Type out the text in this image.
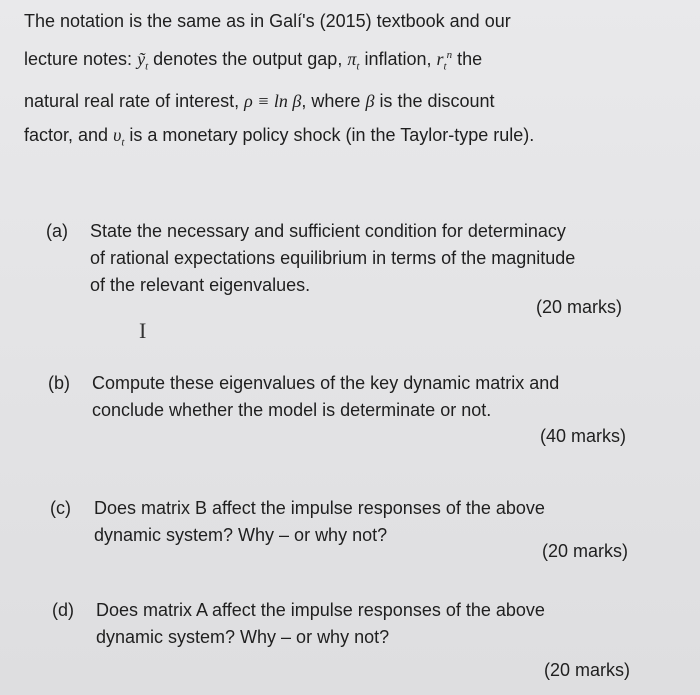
The notation is the same as in Galí's (2015) textbook and our
lecture notes: ỹ$_t$ denotes the output gap, $\pi_t$ inflation, $r_t^n$ the
natural real rate of interest, ρ ≡ ln β, where β is the discount
factor, and $\upsilon_t$ is a monetary policy shock (in the Taylor-type rule).
(a)	State the necessary and sufficient condition for determinacy
of rational expectations equilibrium in terms of the magnitude
of the relevant eigenvalues.
(20 marks)
I
(b)	Compute these eigenvalues of the key dynamic matrix and
conclude whether the model is determinate or not.
(40 marks)
(c)	Does matrix B affect the impulse responses of the above
dynamic system? Why – or why not?
(20 marks)
(d)	Does matrix A affect the impulse responses of the above
dynamic system? Why – or why not?
(20 marks)
